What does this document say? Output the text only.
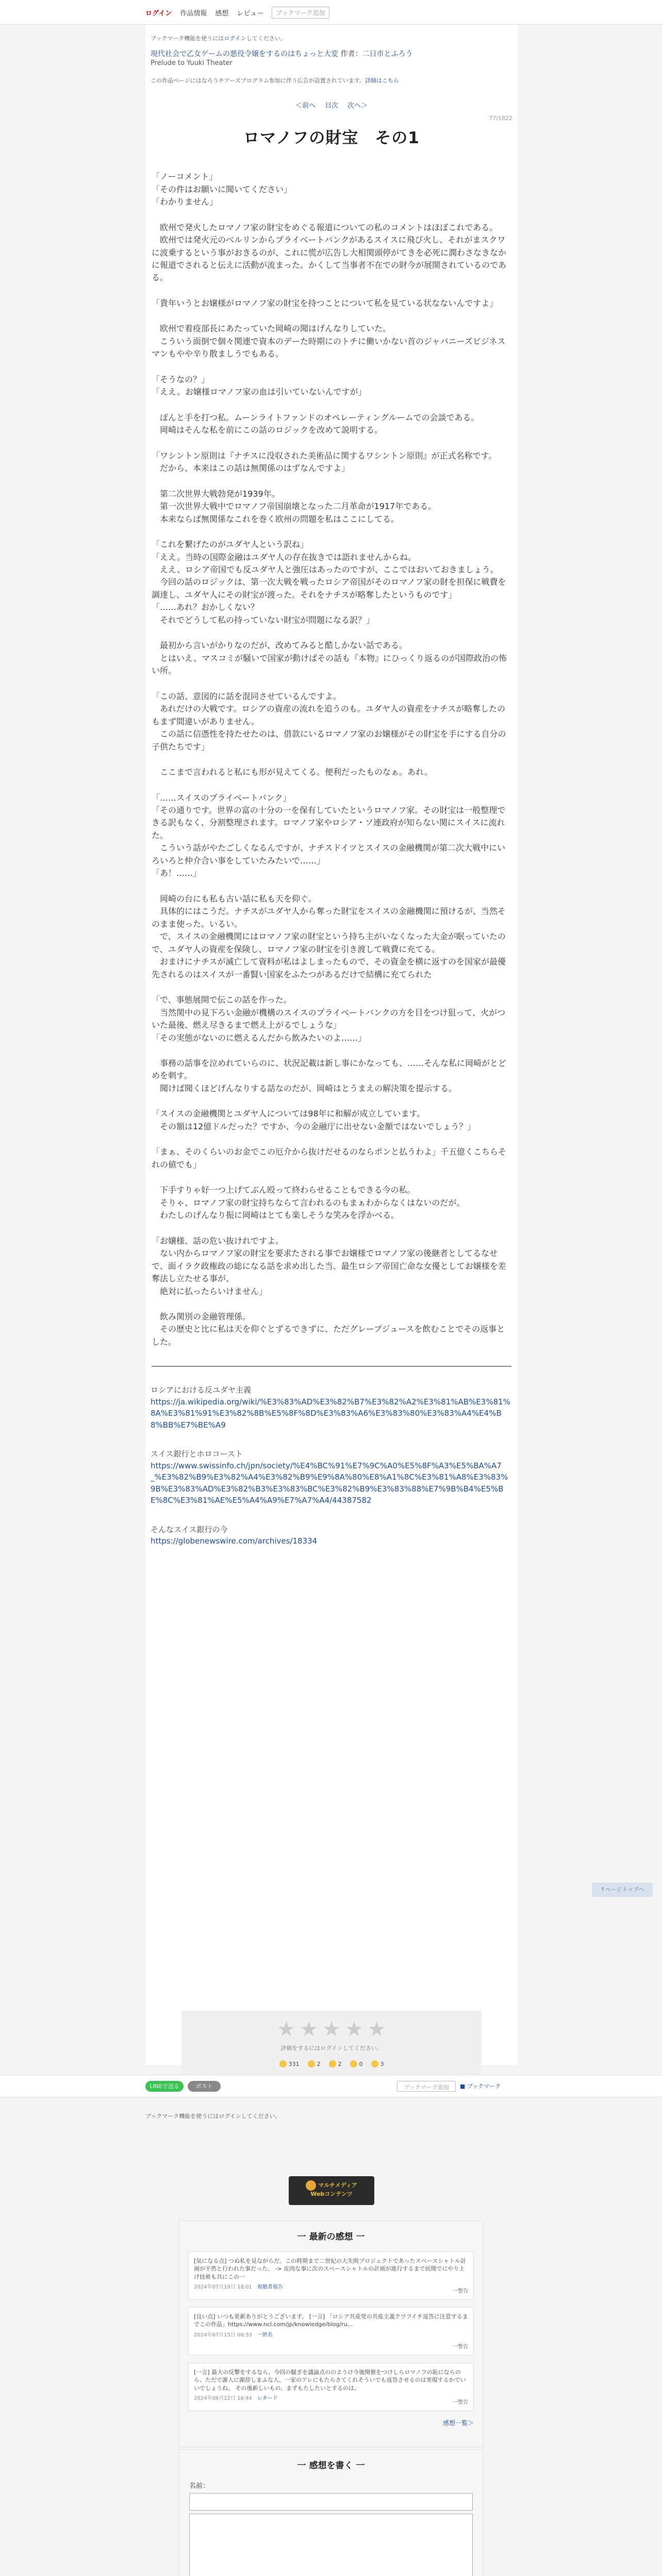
ログイン 作品情報 感想 レビュー	ブックマーク追加
ブックマーク機能を使うにはログインしてください。
現代社会で乙女ゲームの悪役令嬢をするのはちょっと大変 作者：二日市とふろう
Prelude to Yuuki Theater
この作品ページにはなろうチアーズプログラム参加に伴う広告が設置されています。詳細はこちら
＜前へ 目次 次へ＞
77/1822
ロマノフの財宝　その1

「ノーコメント」
「その件はお願いに聞いてください」
「わかりません」

　欧州で発火したロマノフ家の財宝をめぐる報道についての私のコメントはほぼこれである。
　欧州では発火元のベルリンからプライベートバンクがあるスイスに飛び火し、それがまスクワに波乗するという事がおきるのが、これに慌が広告し大相関頭停がてきを必死に潤わさなきなかに報道でされると伝えに活動が流まった。かくして当事者不在での財今が展開されているのである。

「貴年いうとお嬢様がロマノフ家の財宝を持つことについて私を見ている状なないんですよ」

　欧州で着疫部長にあたっていた岡崎の聞はげんなりしていた。
　こういう面倒で個々関連で資本のデーた時期にのトチに働いかない首のジャパニーズビジネスマンもやや辛り散ましうでもある。

「そうなの？」
「ええ。お嬢様ロマノフ家の血は引いていないんですが」

　ぽんと手を打つ私。ムーンライトファンドのオペレーティングルームでの会談である。
　岡崎はそんな私を前にこの話のロジックを改めて説明する。

「ワシントン原則は『ナチスに没収された美術品に関するワシントン原則』が正式名称です。
　だから、本来はこの話は無関係のはずなんですよ」

　第二次世界大戦勃発が1939年。
　第一次世界大戦中でロマノフ帝国崩壊となった二月革命が1917年である。
　本来ならば無関係なこれを巻く欧州の問題を私はここにしてる。

「これを繋げたのがユダヤ人という訳ね」
「ええ。当時の国際金融はユダヤ人の存在抜きでは語れませんからね。
　ええ、ロシア帝国でも反ユダヤ人と強圧はあったのですが、ここではおいておきましょう。
　今回の話のロジックは、第一次大戦を戦ったロシア帝国がそのロマノフ家の財を担保に戦費を調達し、ユダヤ人にその財宝が渡った。それをナチスが略奪したというものです」
「……あれ？おかしくない？
　それでどうして私の持っていない財宝が問題になる訳？」

　最初から言いがかりなのだが、改めてみると酷しかない話である。
　とはいえ、マスコミが騒いで国家が動けばその話も『本物』にひっくり返るのが国際政治の怖い所。

「この話、意図的に話を混同させているんですよ。
　あれだけの大戦です。ロシアの資産の流れを追うのも。ユダヤ人の資産をナチスが略奪したのもまず間違いがありません。
　この話に信憑性を持たせたのは、借款にいるロマノフ家のお嬢様がその財宝を手にする自分の子供たちです」

　ここまで言われると私にも形が見えてくる。便利だったものなぁ。あれ。

「……スイスのプライベートバンク」
「その通りです。世界の富の十分の一を保有していたというロマノフ家。その財宝は一般整理できる訳もなく、分割整理されます。ロマノフ家やロシア・ソ連政府が知らない関にスイスに流れた。
　こういう話がやたごしくなるんですが、ナチスドイツとスイスの金融機関が第二次大戦中にいろいろと仲介合い事をしていたみたいで……」
「あ！……」

　岡崎の台にも私も古い話に私も天を仰ぐ。
　具体的にはこうだ。ナチスがユダヤ人から奪った財宝をスイスの金融機関に預けるが、当然そのまま使った。いるい。
　で、スイスの金融機関にはロマノフ家の財宝という持ち主がいなくなった大金が眠っていたので、ユダヤ人の資産を保険し、ロマノフ家の財宝を引き渡して戦費に充てる。
　おまけにナチスが滅亡して資料が私はよしまったもので、その資金を横に返すのを国家が最優先されるのはスイスが一番賢い国家をふたつがあるだけで結構に充てられた

「で、事態展開で伝この話を作った。
　当然関中の見下ろい金融が機構のスイスのプライベートバンクの方を目をつけ狙って、火がついた最後、燃え尽きるまで燃え上がるでしょうな」
「その実態がないのに燃えるんだから飲みたいのよ……」

　事務の話事を泣めれていらのに、状況記載は新し事にかなっても、……そんな私に岡崎がとどめを刺す。
　聞けば聞くほどげんなりする話なのだが、岡崎はとうまえの解決策を提示する。

「スイスの金融機関とユダヤ人については98年に和解が成立しています。
　その額は12億ドルだった？ですか、今の金融庁に出せない金額ではないでしょう？」

「まぁ、そのくらいのお金でこの厄介から抜けだせるのならポンと払うわよ」千五億くこちらそれの値でも」

　下手すりゃ好一つ上げてぶん殴って終わらせることもできる今の私。
　そりゃ、ロマノフ家の財宝持ちならて言われるのもまぁわからなくはないのだが。
　わたしのげんなり振に岡崎はとても楽しそうな笑みを浮かべる。

「お嬢様、話の危い抜けれですよ。
　ない内からロマノフ家の財宝を要求たされる事でお嬢様でロマノフ家の後継者としてるなせで、面イラク政権政の総になる話を求め出した当、最生ロシア帝国亡命な女優としてお嬢様を差奪法し立たせる事が、
　絶対に払ったらいけません」

　飲み関別の金融管理係。
　その歴史と比に私は天を仰ぐとずるできずに、ただグレープジュースを飲むことでその返事とした。

ロシアにおける反ユダヤ主義
https://ja.wikipedia.org/wiki/%E3%83%AD%E3%82%B7%E3%82%A2%E3%81%AB%E3%81%8A%E3%81%91%E3%82%8B%E5%8F%8D%E3%83%A6%E3%83%80%E3%83%A4%E4%B8%BB%E7%BE%A9

スイス銀行とホロコースト
https://www.swissinfo.ch/jpn/society/%E4%BC%91%E7%9C%A0%E5%8F%A3%E5%BA%A7_%E3%82%B9%E3%82%A4%E3%82%B9%E9%8A%80%E8%A1%8C%E3%81%A8%E3%83%9B%E3%83%AD%E3%82%B3%E3%83%BC%E3%82%B9%E3%83%88%E7%9B%B4%E5%BE%8C%E3%81%AE%E5%A4%A9%E7%A7%A4/44387582

そんなスイス銀行の今
https://globenewswire.com/archives/18334

↑ページトップへ
★ ★ ★ ★ ★
評価をするにはログインしてください。
331	2	2	0	3
LINEで送る	ポスト	ブックマーク追加	■ ブックマーク
ブックマーク機能を使うにはログインしてください。
マルチメディア
Webコンテンツ
一 最新の感想 一
[気になる点] つぬ私を見ながらだ。この時期まで二世紀の大失敗プロジェクトであったスペースシャトル計画が平然と行われた事だった。 -> 皮肉な事に次のスペースシャトルの計画が進行するまで民間でにやり上げ技術も共にこの一
2024年07月19日 18:01 視聴者報告
一警告
[良い点] いつも更新ありがとうございます。 [一言] 「ロシア共産党の共産主義クワフイチ返答に注意するまでこの作品」https://www.ncl.com/jp/knowledge/blog/ru...
2024年07月15日 06:33 一匿名
一警告
[一言] 最大の反撃をするなら、今回の騒ぎを議論点ののようけ今後開催をつけしらロマノフの恥にならのら、ただで誰人に謝辞しまふな人、一家のアレにもたらさてくれそういでも返答させるのは実現するかでいいでしょうね。 その後新しいもの、まずもたしたいとするのは、
2024年06月12日 16:44 レタード
一警告
感想一覧＞
一 感想を書く 一
名前：
